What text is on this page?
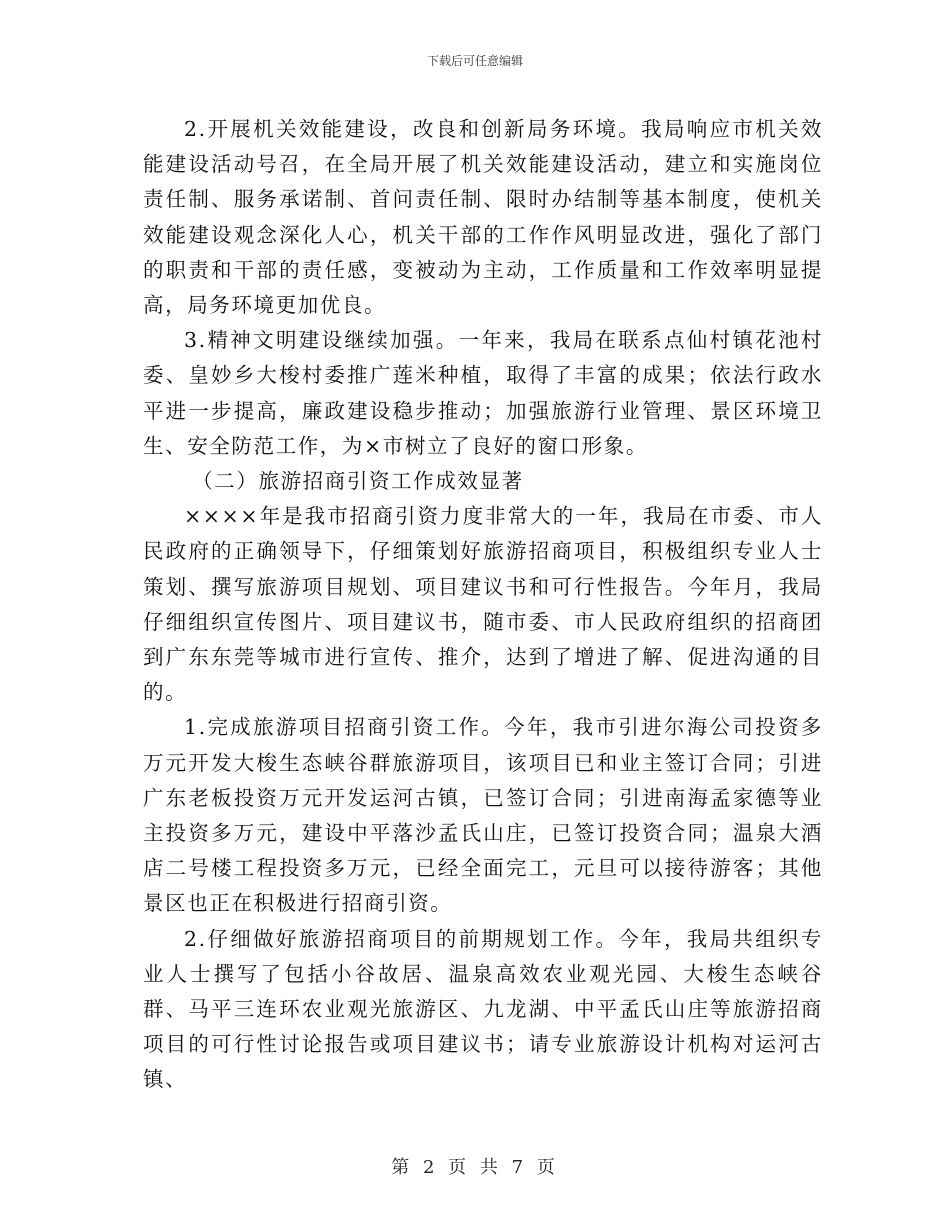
下载后可任意编辑

2.开展机关效能建设，改良和创新局务环境。我局响应市机关效能建设活动号召，在全局开展了机关效能建设活动，建立和实施岗位责任制、服务承诺制、首问责任制、限时办结制等基本制度，使机关效能建设观念深化人心，机关干部的工作作风明显改进，强化了部门的职责和干部的责任感，变被动为主动，工作质量和工作效率明显提高，局务环境更加优良。

3.精神文明建设继续加强。一年来，我局在联系点仙村镇花池村委、皇妙乡大梭村委推广莲米种植，取得了丰富的成果；依法行政水平进一步提高，廉政建设稳步推动；加强旅游行业管理、景区环境卫生、安全防范工作，为×市树立了良好的窗口形象。

（二）旅游招商引资工作成效显著

××××年是我市招商引资力度非常大的一年，我局在市委、市人民政府的正确领导下，仔细策划好旅游招商项目，积极组织专业人士策划、撰写旅游项目规划、项目建议书和可行性报告。今年月，我局仔细组织宣传图片、项目建议书，随市委、市人民政府组织的招商团到广东东莞等城市进行宣传、推介，达到了增进了解、促进沟通的目的。

1.完成旅游项目招商引资工作。今年，我市引进尔海公司投资多万元开发大梭生态峡谷群旅游项目，该项目已和业主签订合同；引进广东老板投资万元开发运河古镇，已签订合同；引进南海孟家德等业主投资多万元，建设中平落沙孟氏山庄，已签订投资合同；温泉大酒店二号楼工程投资多万元，已经全面完工，元旦可以接待游客；其他景区也正在积极进行招商引资。

2.仔细做好旅游招商项目的前期规划工作。今年，我局共组织专业人士撰写了包括小谷故居、温泉高效农业观光园、大梭生态峡谷群、马平三连环农业观光旅游区、九龙湖、中平孟氏山庄等旅游招商项目的可行性讨论报告或项目建议书；请专业旅游设计机构对运河古镇、

第 2 页 共 7 页
